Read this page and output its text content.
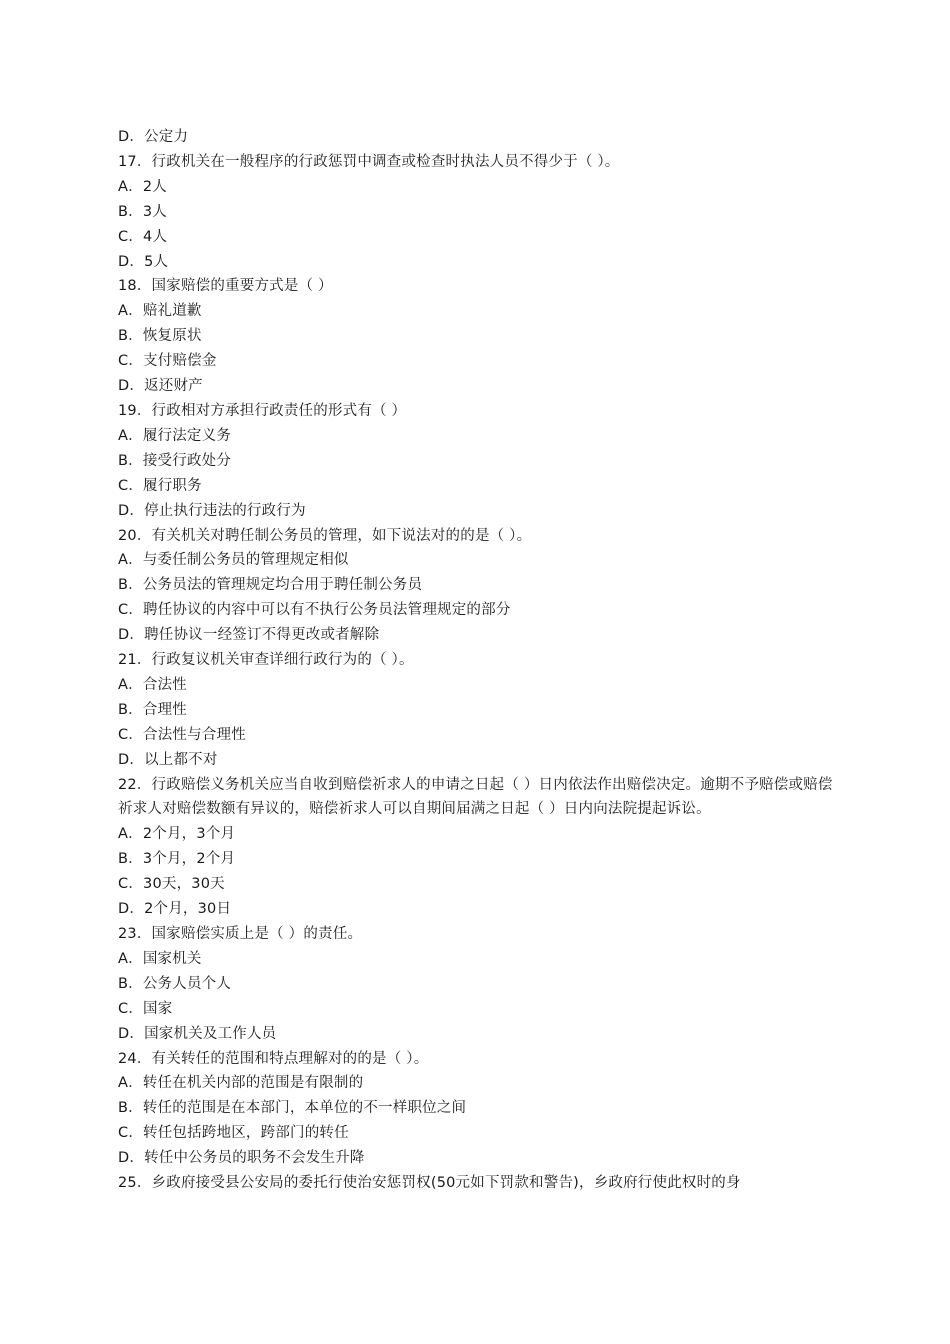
D．公定力
17．行政机关在一般程序的行政惩罚中调查或检查时执法人员不得少于（ ）。
A．2人
B．3人
C．4人
D．5人
18．国家赔偿的重要方式是（ ）
A．赔礼道歉
B．恢复原状
C．支付赔偿金
D．返还财产
19．行政相对方承担行政责任的形式有（ ）
A．履行法定义务
B．接受行政处分
C．履行职务
D．停止执行违法的行政行为
20．有关机关对聘任制公务员的管理，如下说法对的的是（ ）。
A．与委任制公务员的管理规定相似
B．公务员法的管理规定均合用于聘任制公务员
C．聘任协议的内容中可以有不执行公务员法管理规定的部分
D．聘任协议一经签订不得更改或者解除
21．行政复议机关审查详细行政行为的（ ）。
A．合法性
B．合理性
C．合法性与合理性
D．以上都不对
22．行政赔偿义务机关应当自收到赔偿祈求人的申请之日起（ ）日内依法作出赔偿决定。逾期不予赔偿或赔偿祈求人对赔偿数额有异议的，赔偿祈求人可以自期间届满之日起（ ）日内向法院提起诉讼。
A．2个月，3个月
B．3个月，2个月
C．30天，30天
D．2个月，30日
23．国家赔偿实质上是（ ）的责任。
A．国家机关
B．公务人员个人
C．国家
D．国家机关及工作人员
24．有关转任的范围和特点理解对的的是（ ）。
A．转任在机关内部的范围是有限制的
B．转任的范围是在本部门，本单位的不一样职位之间
C．转任包括跨地区，跨部门的转任
D．转任中公务员的职务不会发生升降
25．乡政府接受县公安局的委托行使治安惩罚权(50元如下罚款和警告)，乡政府行使此权时的身
